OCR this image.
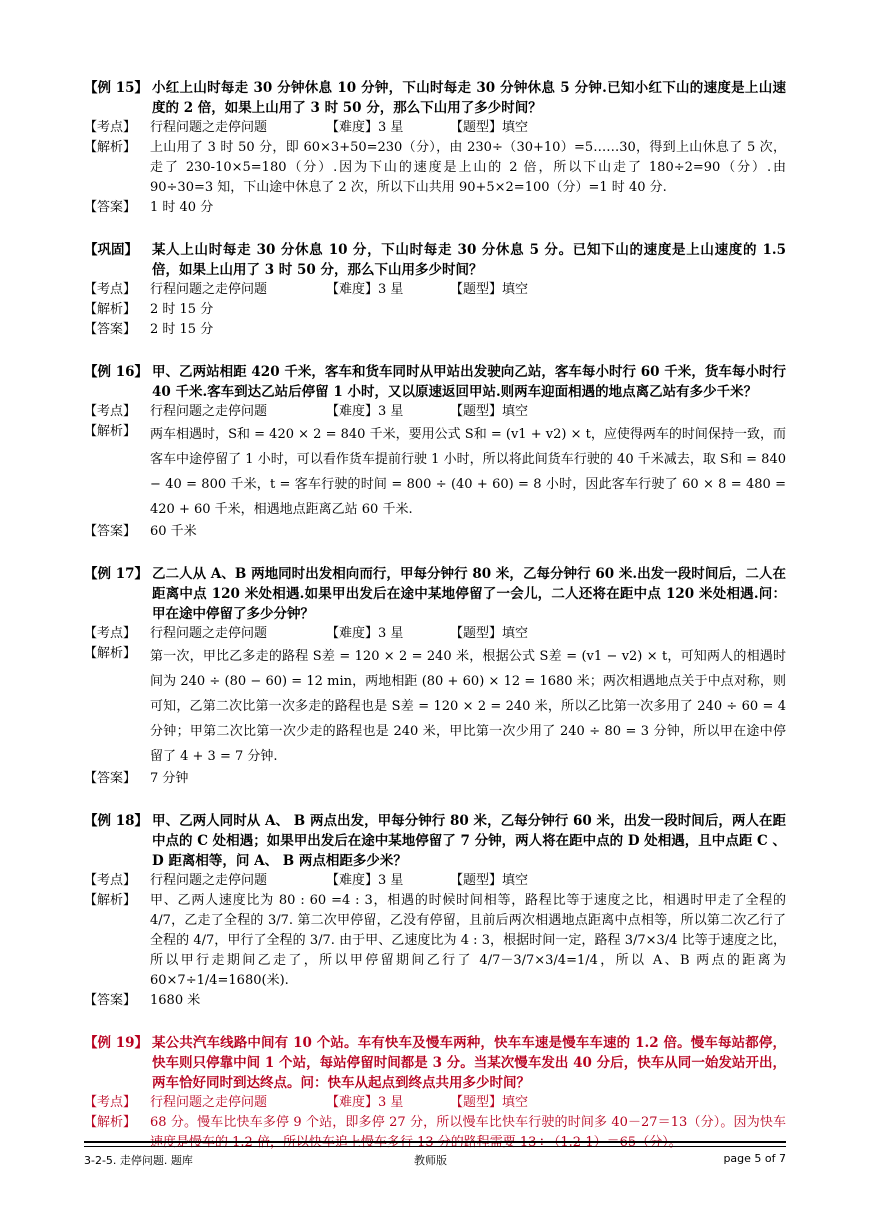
【例 15】 小红上山时每走 30 分钟休息 10 分钟，下山时每走 30 分钟休息 5 分钟.已知小红下山的速度是上山速度的 2 倍，如果上山用了 3 时 50 分，那么下山用了多少时间？
【考点】	行程问题之走停问题	【难度】3 星	【题型】填空
【解析】	上山用了 3 时 50 分，即 60×3+50=230（分），由 230÷（30+10）=5……30，得到上山休息了 5 次，走了 230-10×5=180（分）.因为下山的速度是上山的 2 倍，所以下山走了 180÷2=90（分）.由 90÷30=3 知，下山途中休息了 2 次，所以下山共用 90+5×2=100（分）=1 时 40 分.
【答案】	1 时 40 分
【巩固】	某人上山时每走 30 分休息 10 分，下山时每走 30 分休息 5 分。已知下山的速度是上山速度的 1.5 倍，如果上山用了 3 时 50 分，那么下山用多少时间？
【考点】	行程问题之走停问题	【难度】3 星	【题型】填空
【解析】	2 时 15 分
【答案】	2 时 15 分
【例 16】 甲、乙两站相距 420 千米，客车和货车同时从甲站出发驶向乙站，客车每小时行 60 千米，货车每小时行 40 千米.客车到达乙站后停留 1 小时，又以原速返回甲站.则两车迎面相遇的地点离乙站有多少千米？
【考点】	行程问题之走停问题	【难度】3 星	【题型】填空
【解析】	两车相遇时，S和 = 420 × 2 = 840 千米，要用公式 S和 = (v1 + v2) × t，应使得两车的时间保持一致，而客车中途停留了 1 小时，可以看作货车提前行驶 1 小时，所以将此间货车行驶的 40 千米减去，取 S和 = 840 − 40 = 800 千米，t = 客车行驶的时间 = 800 ÷ (40 + 60) = 8 小时，因此客车行驶了 60 × 8 = 480 = 420 + 60 千米，相遇地点距离乙站 60 千米.
【答案】	60 千米
【例 17】 乙二人从 A、B 两地同时出发相向而行，甲每分钟行 80 米，乙每分钟行 60 米.出发一段时间后，二人在距离中点 120 米处相遇.如果甲出发后在途中某地停留了一会儿，二人还将在距中点 120 米处相遇.问：甲在途中停留了多少分钟？
【考点】	行程问题之走停问题	【难度】3 星	【题型】填空
【解析】	第一次，甲比乙多走的路程 S差 = 120 × 2 = 240 米，根据公式 S差 = (v1 − v2) × t，可知两人的相遇时间为 240 ÷ (80 − 60) = 12 min，两地相距 (80 + 60) × 12 = 1680 米；两次相遇地点关于中点对称，则可知，乙第二次比第一次多走的路程也是 S差 = 120 × 2 = 240 米，所以乙比第一次多用了 240 ÷ 60 = 4 分钟；甲第二次比第一次少走的路程也是 240 米，甲比第一次少用了 240 ÷ 80 = 3 分钟，所以甲在途中停留了 4 + 3 = 7 分钟.
【答案】	7 分钟
【例 18】 甲、乙两人同时从 A、 B 两点出发，甲每分钟行 80 米，乙每分钟行 60 米，出发一段时间后，两人在距中点的 C 处相遇；如果甲出发后在途中某地停留了 7 分钟，两人将在距中点的 D 处相遇，且中点距 C 、 D 距离相等，问 A、 B 两点相距多少米？
【考点】	行程问题之走停问题	【难度】3 星	【题型】填空
【解析】	甲、乙两人速度比为 80 : 60 =4 : 3，相遇的时候时间相等，路程比等于速度之比，相遇时甲走了全程的 4/7，乙走了全程的 3/7. 第二次甲停留，乙没有停留，且前后两次相遇地点距离中点相等，所以第二次乙行了全程的 4/7，甲行了全程的 3/7. 由于甲、乙速度比为 4 : 3，根据时间一定，路程 3/7×3/4 比等于速度之比，所以甲行走期间乙走了，所以甲停留期间乙行了 4/7－3/7×3/4=1/4，所以 A、B 两点的距离为 60×7÷1/4=1680(米).
【答案】	1680 米
【例 19】 某公共汽车线路中间有 10 个站。车有快车及慢车两种，快车车速是慢车车速的 1.2 倍。慢车每站都停，快车则只停靠中间 1 个站，每站停留时间都是 3 分。当某次慢车发出 40 分后，快车从同一始发站开出，两车恰好同时到达终点。问：快车从起点到终点共用多少时间？
【考点】	行程问题之走停问题	【难度】3 星	【题型】填空
【解析】	68 分。慢车比快车多停 9 个站，即多停 27 分，所以慢车比快车行驶的时间多 40－27＝13（分）。因为快车速度是慢车的 1.2 倍，所以快车追上慢车多行 13 分的路程需要 13÷（1.2-1）＝65（分）。
3-2-5. 走停问题. 题库	教师版	page 5 of 7
